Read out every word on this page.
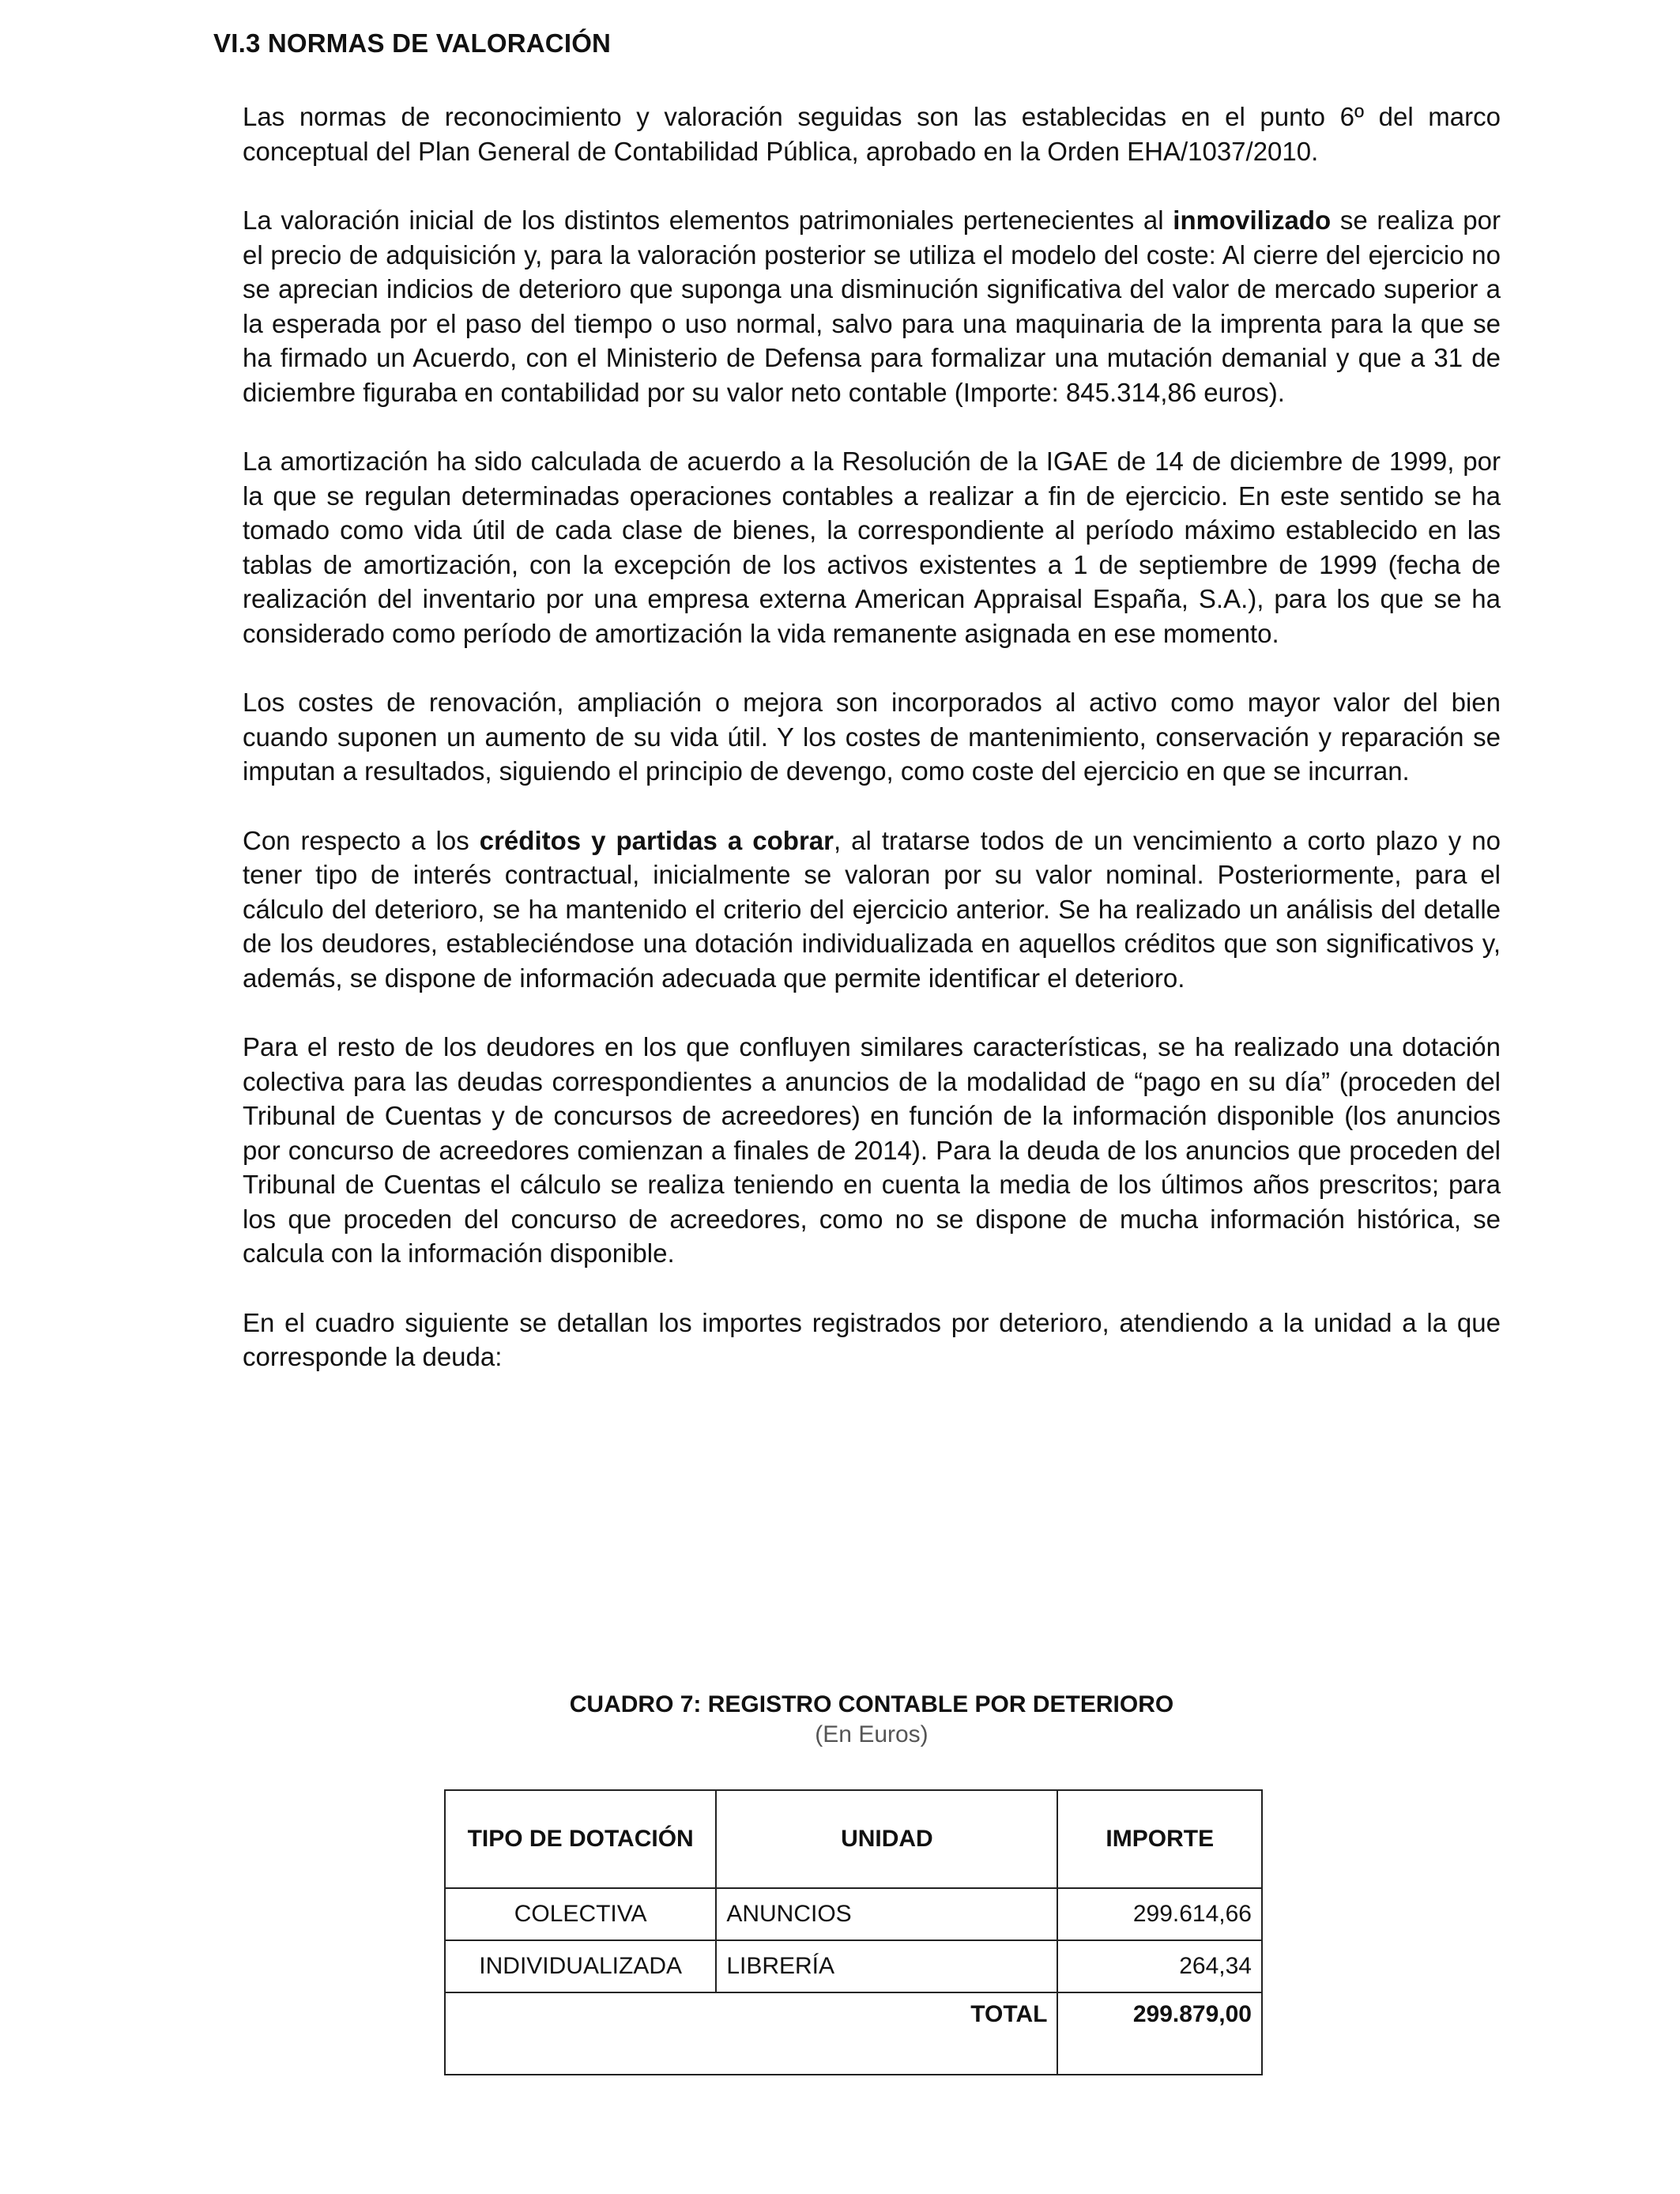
VI.3 NORMAS DE VALORACIÓN

Las normas de reconocimiento y valoración seguidas son las establecidas en el punto 6º del marco conceptual del Plan General de Contabilidad Pública, aprobado en la Orden EHA/1037/2010.

La valoración inicial de los distintos elementos patrimoniales pertenecientes al inmovilizado se realiza por el precio de adquisición y, para la valoración posterior se utiliza el modelo del coste: Al cierre del ejercicio no se aprecian indicios de deterioro que suponga una disminución significativa del valor de mercado superior a la esperada por el paso del tiempo o uso normal, salvo para una maquinaria de la imprenta para la que se ha firmado un Acuerdo, con el Ministerio de Defensa para formalizar una mutación demanial y que a 31 de diciembre figuraba en contabilidad por su valor neto contable (Importe: 845.314,86 euros).

La amortización ha sido calculada de acuerdo a la Resolución de la IGAE de 14 de diciembre de 1999, por la que se regulan determinadas operaciones contables a realizar a fin de ejercicio. En este sentido se ha tomado como vida útil de cada clase de bienes, la correspondiente al período máximo establecido en las tablas de amortización, con la excepción de los activos existentes a 1 de septiembre de 1999 (fecha de realización del inventario por una empresa externa American Appraisal España, S.A.), para los que se ha considerado como período de amortización la vida remanente asignada en ese momento.

Los costes de renovación, ampliación o mejora son incorporados al activo como mayor valor del bien cuando suponen un aumento de su vida útil. Y los costes de mantenimiento, conservación y reparación se imputan a resultados, siguiendo el principio de devengo, como coste del ejercicio en que se incurran.

Con respecto a los créditos y partidas a cobrar, al tratarse todos de un vencimiento a corto plazo y no tener tipo de interés contractual, inicialmente se valoran por su valor nominal. Posteriormente, para el cálculo del deterioro, se ha mantenido el criterio del ejercicio anterior. Se ha realizado un análisis del detalle de los deudores, estableciéndose una dotación individualizada en aquellos créditos que son significativos y, además, se dispone de información adecuada que permite identificar el deterioro.

Para el resto de los deudores en los que confluyen similares características, se ha realizado una dotación colectiva para las deudas correspondientes a anuncios de la modalidad de “pago en su día” (proceden del Tribunal de Cuentas y de concursos de acreedores) en función de la información disponible (los anuncios por concurso de acreedores comienzan a finales de 2014). Para la deuda de los anuncios que proceden del Tribunal de Cuentas el cálculo se realiza teniendo en cuenta la media de los últimos años prescritos; para los que proceden del concurso de acreedores, como no se dispone de mucha información histórica, se calcula con la información disponible.

En el cuadro siguiente se detallan los importes registrados por deterioro, atendiendo a la unidad a la que corresponde la deuda:

CUADRO 7: REGISTRO CONTABLE POR DETERIORO
(En Euros)
TIPO DE DOTACIÓN	UNIDAD	IMPORTE
COLECTIVA	ANUNCIOS	299.614,66
INDIVIDUALIZADA	LIBRERÍA	264,34
	TOTAL	299.879,00
